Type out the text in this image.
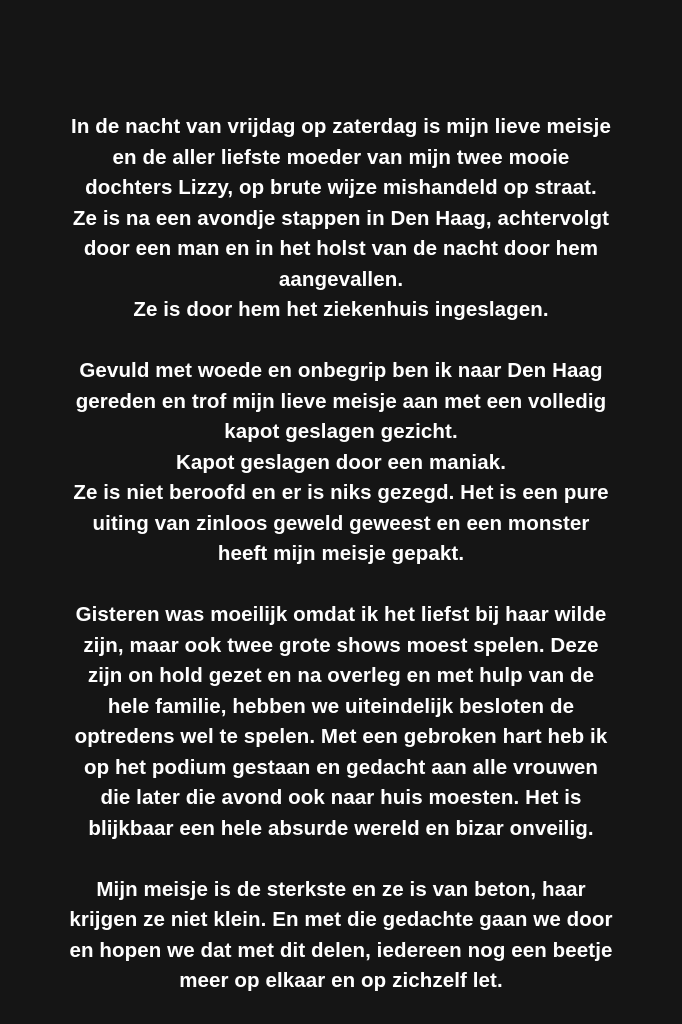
In de nacht van vrijdag op zaterdag is mijn lieve meisje
en de aller liefste moeder van mijn twee mooie
dochters Lizzy, op brute wijze mishandeld op straat.
Ze is na een avondje stappen in Den Haag, achtervolgt
door een man en in het holst van de nacht door hem
aangevallen.
Ze is door hem het ziekenhuis ingeslagen.
Gevuld met woede en onbegrip ben ik naar Den Haag
gereden en trof mijn lieve meisje aan met een volledig
kapot geslagen gezicht.
Kapot geslagen door een maniak.
Ze is niet beroofd en er is niks gezegd. Het is een pure
uiting van zinloos geweld geweest en een monster
heeft mijn meisje gepakt.
Gisteren was moeilijk omdat ik het liefst bij haar wilde
zijn, maar ook twee grote shows moest spelen. Deze
zijn on hold gezet en na overleg en met hulp van de
hele familie, hebben we uiteindelijk besloten de
optredens wel te spelen. Met een gebroken hart heb ik
op het podium gestaan en gedacht aan alle vrouwen
die later die avond ook naar huis moesten. Het is
blijkbaar een hele absurde wereld en bizar onveilig.
Mijn meisje is de sterkste en ze is van beton, haar
krijgen ze niet klein. En met die gedachte gaan we door
en hopen we dat met dit delen, iedereen nog een beetje
meer op elkaar en op zichzelf let.
